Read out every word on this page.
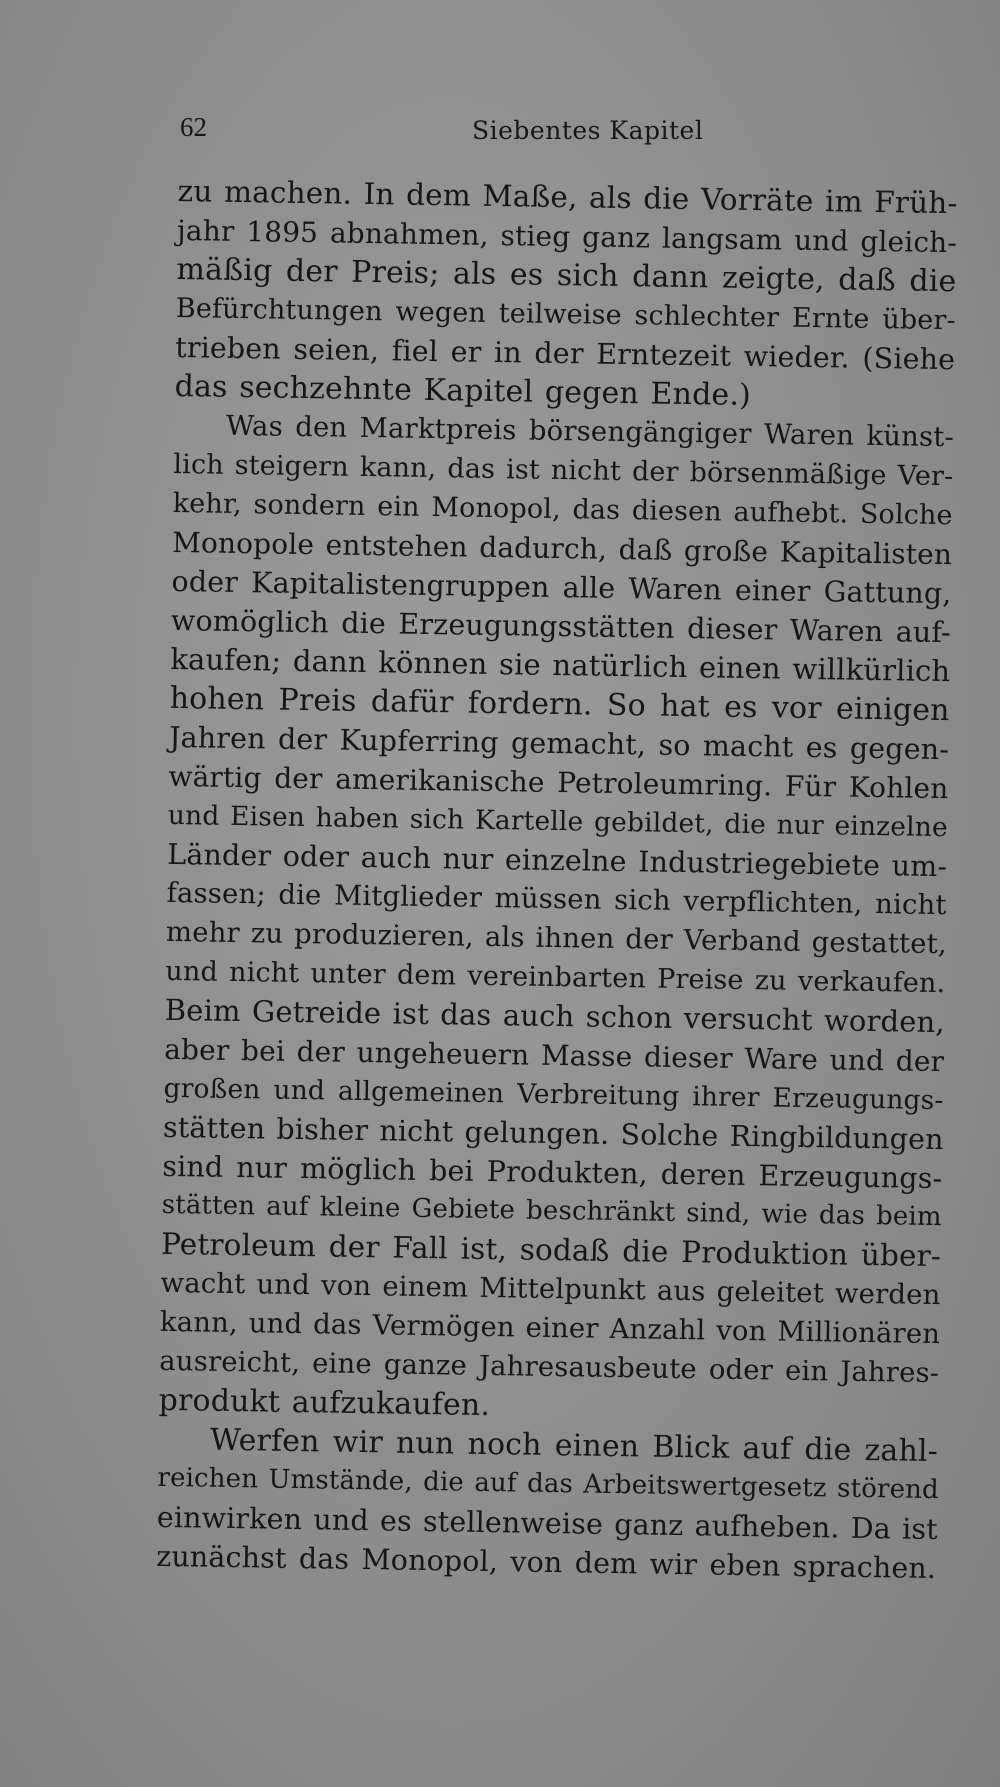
62	Siebentes Kapitel
zu machen. In dem Maße, als die Vorräte im Früh-
jahr 1895 abnahmen, stieg ganz langsam und gleich-
mäßig der Preis; als es sich dann zeigte, daß die
Befürchtungen wegen teilweise schlechter Ernte über-
trieben seien, fiel er in der Erntezeit wieder. (Siehe
das sechzehnte Kapitel gegen Ende.)
Was den Marktpreis börsengängiger Waren künst-
lich steigern kann, das ist nicht der börsenmäßige Ver-
kehr, sondern ein Monopol, das diesen aufhebt. Solche
Monopole entstehen dadurch, daß große Kapitalisten
oder Kapitalistengruppen alle Waren einer Gattung,
womöglich die Erzeugungsstätten dieser Waren auf-
kaufen; dann können sie natürlich einen willkürlich
hohen Preis dafür fordern. So hat es vor einigen
Jahren der Kupferring gemacht, so macht es gegen-
wärtig der amerikanische Petroleumring. Für Kohlen
und Eisen haben sich Kartelle gebildet, die nur einzelne
Länder oder auch nur einzelne Industriegebiete um-
fassen; die Mitglieder müssen sich verpflichten, nicht
mehr zu produzieren, als ihnen der Verband gestattet,
und nicht unter dem vereinbarten Preise zu verkaufen.
Beim Getreide ist das auch schon versucht worden,
aber bei der ungeheuern Masse dieser Ware und der
großen und allgemeinen Verbreitung ihrer Erzeugungs-
stätten bisher nicht gelungen. Solche Ringbildungen
sind nur möglich bei Produkten, deren Erzeugungs-
stätten auf kleine Gebiete beschränkt sind, wie das beim
Petroleum der Fall ist, sodaß die Produktion über-
wacht und von einem Mittelpunkt aus geleitet werden
kann, und das Vermögen einer Anzahl von Millionären
ausreicht, eine ganze Jahresausbeute oder ein Jahres-
produkt aufzukaufen.
Werfen wir nun noch einen Blick auf die zahl-
reichen Umstände, die auf das Arbeitswertgesetz störend
einwirken und es stellenweise ganz aufheben. Da ist
zunächst das Monopol, von dem wir eben sprachen.
